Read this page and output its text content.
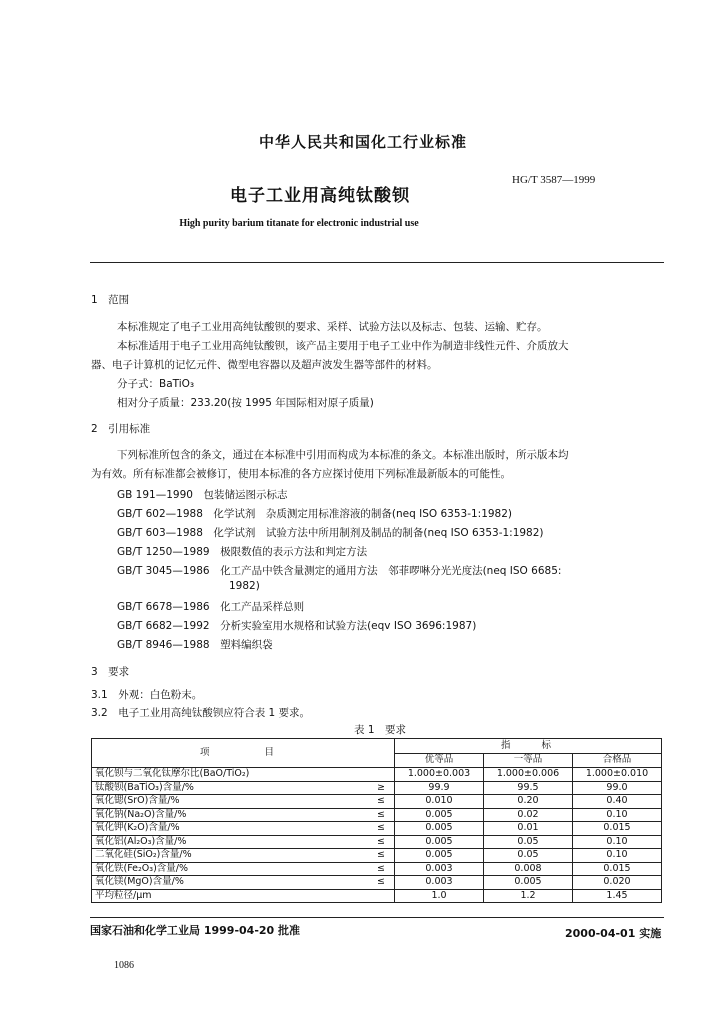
中华人民共和国化工行业标准
HG/T 3587—1999
电子工业用高纯钛酸钡
High purity barium titanate for electronic industrial use
1　范围
本标准规定了电子工业用高纯钛酸钡的要求、采样、试验方法以及标志、包装、运输、贮存。
本标准适用于电子工业用高纯钛酸钡，该产品主要用于电子工业中作为制造非线性元件、介质放大
器、电子计算机的记忆元件、微型电容器以及超声波发生器等部件的材料。
分子式：BaTiO₃
相对分子质量：233.20(按 1995 年国际相对原子质量)
2　引用标准
下列标准所包含的条文，通过在本标准中引用而构成为本标准的条文。本标准出版时，所示版本均
为有效。所有标准都会被修订，使用本标准的各方应探讨使用下列标准最新版本的可能性。
GB 191—1990　包装储运图示标志
GB/T 602—1988　化学试剂　杂质测定用标准溶液的制备(neq ISO 6353-1:1982)
GB/T 603—1988　化学试剂　试验方法中所用制剂及制品的制备(neq ISO 6353-1:1982)
GB/T 1250—1989　极限数值的表示方法和判定方法
GB/T 3045—1986　化工产品中铁含量测定的通用方法　邻菲啰啉分光光度法(neq ISO 6685:
1982)
GB/T 6678—1986　化工产品采样总则
GB/T 6682—1992　分析实验室用水规格和试验方法(eqv ISO 3696:1987)
GB/T 8946—1988　塑料编织袋
3　要求
3.1　外观：白色粉末。
3.2　电子工业用高纯钛酸钡应符合表 1 要求。
表 1　要求
项　　目		指　　标		
		优等品	一等品	合格品
氧化钡与二氧化钛摩尔比(BaO/TiO₂)		1.000±0.003	1.000±0.006	1.000±0.010
钛酸钡(BaTiO₃)含量/%	≥	99.9	99.5	99.0
氧化锶(SrO)含量/%	≤	0.010	0.20	0.40
氧化钠(Na₂O)含量/%	≤	0.005	0.02	0.10
氧化钾(K₂O)含量/%	≤	0.005	0.01	0.015
氧化铝(Al₂O₃)含量/%	≤	0.005	0.05	0.10
二氧化硅(SiO₂)含量/%	≤	0.005	0.05	0.10
氧化铁(Fe₂O₃)含量/%	≤	0.003	0.008	0.015
氧化镁(MgO)含量/%	≤	0.003	0.005	0.020
平均粒径/μm		1.0	1.2	1.45
国家石油和化学工业局 1999-04-20 批准	2000-04-01 实施
1086
